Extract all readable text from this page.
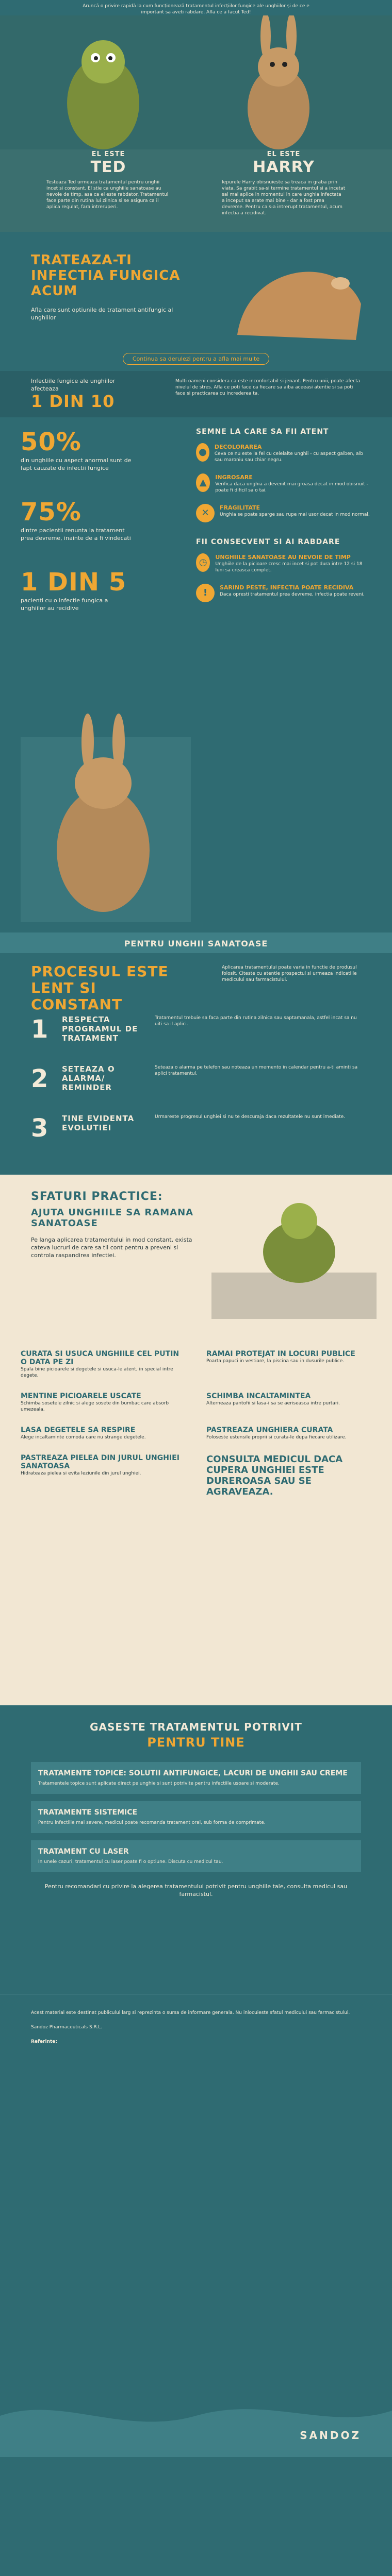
Aruncă o privire rapidă la cum funcționează tratamentul infecțiilor fungice ale unghiilor și de ce e important sa aveti rabdare. Afla ce a facut Ted!
EL ESTE
TED
Testeaza Ted urmeaza tratamentul pentru unghii incet si constant. El stie ca unghiile sanatoase au nevoie de timp, asa ca el este rabdator. Tratamentul face parte din rutina lui zilnica si se asigura ca il aplica regulat, fara intreruperi.
EL ESTE
HARRY
Iepurele Harry obisnuieste sa treaca in graba prin viata. Sa grabit sa-si termine tratamentul si a incetat sal mai aplice in momentul in care unghia infectata a inceput sa arate mai bine - dar a fost prea devreme. Pentru ca s-a intrerupt tratamentul, acum infectia a recidivat.
TRATEAZA-TI INFECTIA FUNGICA ACUM
Afla care sunt optiunile de tratament antifungic al unghiilor
Continua sa derulezi pentru a afla mai multe
Infectiile fungice ale unghiilor afecteaza
1 DIN 10
Multi oameni considera ca este inconfortabil si jenant. Pentru unii, poate afecta nivelul de stres. Afla ce poti face ca fiecare sa aiba aceeasi atentie si sa poti face si practicarea cu increderea ta.
50%
din unghiile cu aspect anormal sunt de fapt cauzate de infectii fungice
75%
dintre pacientii renunta la tratament prea devreme, inainte de a fi vindecati
1 DIN 5
pacienti cu o infectie fungica a unghiilor au recidive
SEMNE LA CARE SA FII ATENT
●	DECOLORAREA
Ceva ce nu este la fel cu celelalte unghii - cu aspect galben, alb sau maroniu sau chiar negru.
▲	INGROSARE
Verifica daca unghia a devenit mai groasa decat in mod obisnuit - poate fi dificil sa o tai.
✕	FRAGILITATE
Unghia se poate sparge sau rupe mai usor decat in mod normal.
FII CONSECVENT SI AI RABDARE
◷	UNGHIILE SANATOASE AU NEVOIE DE TIMP
Unghiile de la picioare cresc mai incet si pot dura intre 12 si 18 luni sa creasca complet.
!	SARIND PESTE, INFECTIA POATE RECIDIVA
Daca opresti tratamentul prea devreme, infectia poate reveni.
PENTRU UNGHII SANATOASE
PROCESUL ESTE LENT SI CONSTANT
Aplicarea tratamentului poate varia in functie de produsul folosit. Citeste cu atentie prospectul si urmeaza indicatiile medicului sau farmacistului.
1	RESPECTA PROGRAMUL DE TRATAMENT
Tratamentul trebuie sa faca parte din rutina zilnica sau saptamanala, astfel incat sa nu uiti sa il aplici.
2	SETEAZA O ALARMA/ REMINDER
Seteaza o alarma pe telefon sau noteaza un memento in calendar pentru a-ti aminti sa aplici tratamentul.
3	TINE EVIDENTA EVOLUTIEI
Urmareste progresul unghiei si nu te descuraja daca rezultatele nu sunt imediate.
SFATURI PRACTICE:
AJUTA UNGHIILE SA RAMANA SANATOASE
Pe langa aplicarea tratamentului in mod constant, exista cateva lucruri de care sa tii cont pentru a preveni si controla raspandirea infectiei.
CURATA SI USUCA UNGHIILE CEL PUTIN O DATA PE ZI
Spala bine picioarele si degetele si usuca-le atent, in special intre degete.
RAMAI PROTEJAT IN LOCURI PUBLICE
Poarta papuci in vestiare, la piscina sau in dusurile publice.
MENTINE PICIOARELE USCATE
Schimba sosetele zilnic si alege sosete din bumbac care absorb umezeala.
SCHIMBA INCALTAMINTEA
Alterneaza pantofii si lasa-i sa se aeriseasca intre purtari.
LASA DEGETELE SA RESPIRE
Alege incaltaminte comoda care nu strange degetele.
PASTREAZA UNGHIERA CURATA
Foloseste ustensile proprii si curata-le dupa fiecare utilizare.
PASTREAZA PIELEA DIN JURUL UNGHIEI SANATOASA
Hidrateaza pielea si evita leziunile din jurul unghiei.
CONSULTA MEDICUL DACA CUPERA UNGHIEI ESTE DUREROASA SAU SE AGRAVEAZA.
GASESTE TRATAMENTUL POTRIVIT
PENTRU TINE
TRATAMENTE TOPICE: SOLUTII ANTIFUNGICE, LACURI DE UNGHII SAU CREME
Tratamentele topice sunt aplicate direct pe unghie si sunt potrivite pentru infectiile usoare si moderate.
TRATAMENTE SISTEMICE
Pentru infectiile mai severe, medicul poate recomanda tratament oral, sub forma de comprimate.
TRATAMENT CU LASER
In unele cazuri, tratamentul cu laser poate fi o optiune. Discuta cu medicul tau.
Pentru recomandari cu privire la alegerea tratamentului potrivit pentru unghiile tale, consulta medicul sau farmacistul.
Acest material este destinat publicului larg si reprezinta o sursa de informare generala. Nu inlocuieste sfatul medicului sau farmacistului.
Sandoz Pharmaceuticals S.R.L.
Referinte:
SANDOZ
